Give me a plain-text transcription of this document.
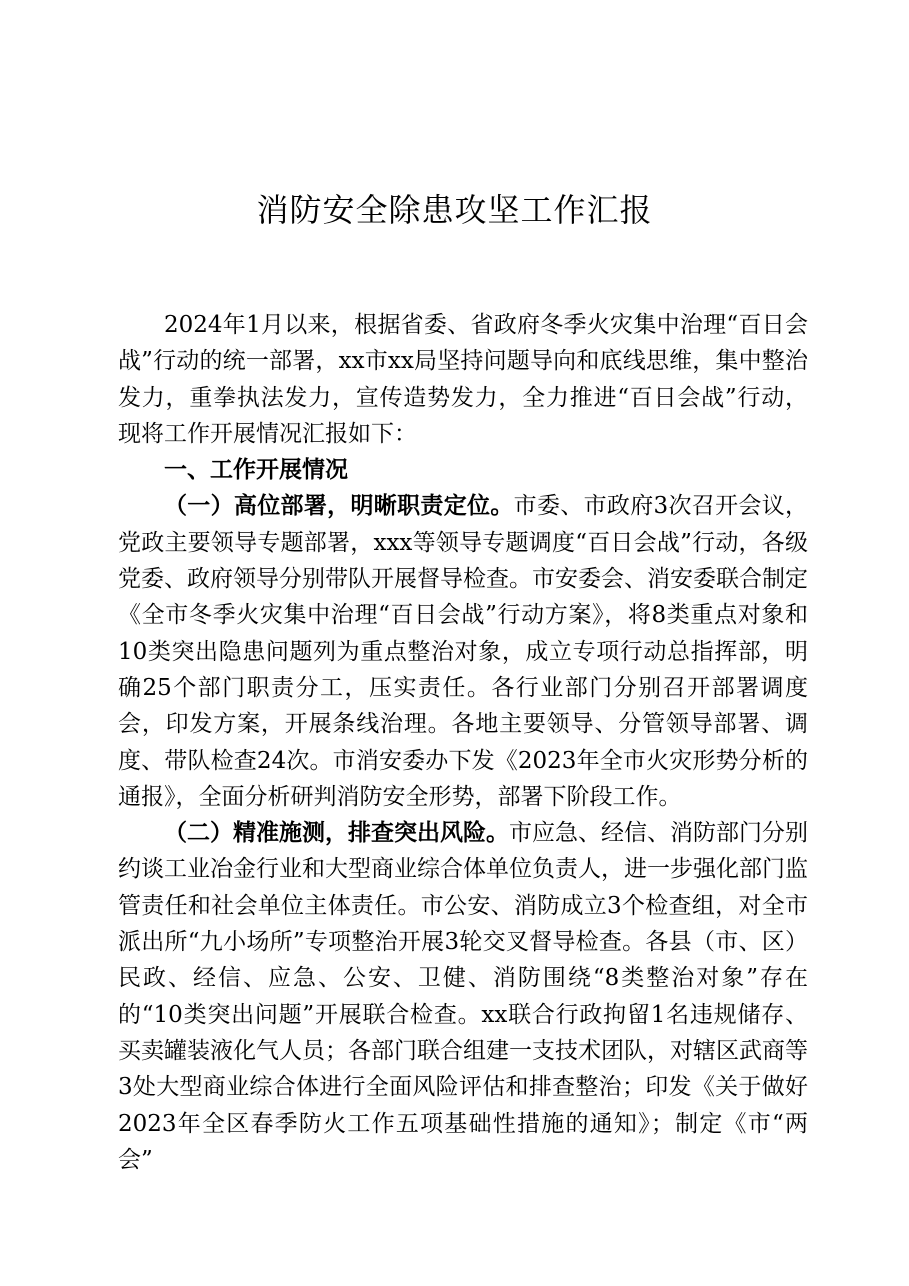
消防安全除患攻坚工作汇报

2024年1月以来，根据省委、省政府冬季火灾集中治理“百日会战”行动的统一部署，xx市xx局坚持问题导向和底线思维，集中整治发力，重拳执法发力，宣传造势发力，全力推进“百日会战”行动，现将工作开展情况汇报如下：

一、工作开展情况

（一）高位部署，明晰职责定位。市委、市政府3次召开会议，党政主要领导专题部署，xxx等领导专题调度“百日会战”行动，各级党委、政府领导分别带队开展督导检查。市安委会、消安委联合制定《全市冬季火灾集中治理“百日会战”行动方案》，将8类重点对象和10类突出隐患问题列为重点整治对象，成立专项行动总指挥部，明确25个部门职责分工，压实责任。各行业部门分别召开部署调度会，印发方案，开展条线治理。各地主要领导、分管领导部署、调度、带队检查24次。市消安委办下发《2023年全市火灾形势分析的通报》，全面分析研判消防安全形势，部署下阶段工作。

（二）精准施测，排查突出风险。市应急、经信、消防部门分别约谈工业冶金行业和大型商业综合体单位负责人，进一步强化部门监管责任和社会单位主体责任。市公安、消防成立3个检查组，对全市派出所“九小场所”专项整治开展3轮交叉督导检查。各县（市、区）民政、经信、应急、公安、卫健、消防围绕“8类整治对象”存在的“10类突出问题”开展联合检查。xx联合行政拘留1名违规储存、买卖罐装液化气人员；各部门联合组建一支技术团队，对辖区武商等3处大型商业综合体进行全面风险评估和排查整治；印发《关于做好2023年全区春季防火工作五项基础性措施的通知》；制定《市“两会”
